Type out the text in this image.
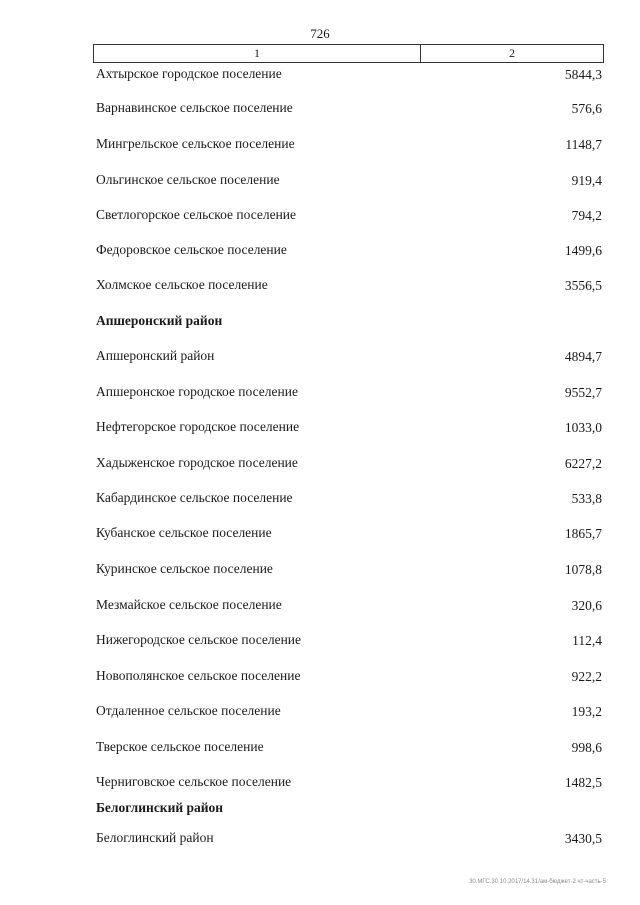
726
1	2
Ахтырское городское поселение	5844,3
Варнавинское сельское поселение	576,6
Мингрельское сельское поселение	1148,7
Ольгинское сельское поселение	919,4
Светлогорское сельское поселение	794,2
Федоровское сельское поселение	1499,6
Холмское сельское поселение	3556,5
Апшеронский район
Апшеронский район	4894,7
Апшеронское городское поселение	9552,7
Нефтегорское городское поселение	1033,0
Хадыженское городское поселение	6227,2
Кабардинское сельское поселение	533,8
Кубанское сельское поселение	1865,7
Куринское сельское поселение	1078,8
Мезмайское сельское поселение	320,6
Нижегородское сельское поселение	112,4
Новополянское сельское поселение	922,2
Отдаленное сельское поселение	193,2
Тверское сельское поселение	998,6
Черниговское сельское поселение	1482,5
Белоглинский район
Белоглинский район	3430,5
30.МГС.30.10.2017/14.31/ам-бюджет-2 чт-часть-5
